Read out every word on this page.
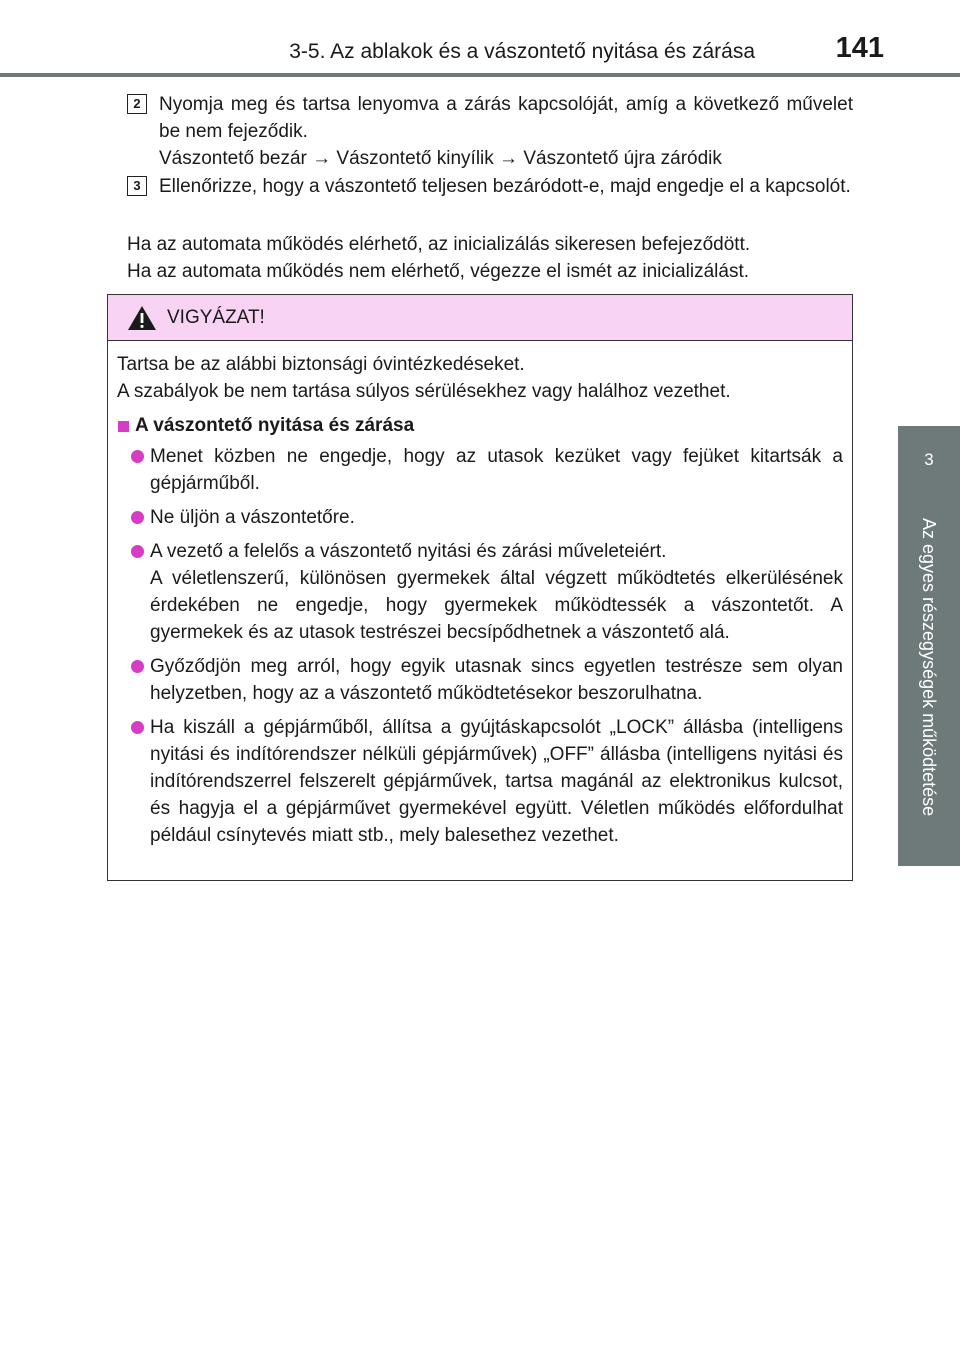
3-5. Az ablakok és a vászontető nyitása és zárása	141
3
Az egyes részegységek működtetése
2 Nyomja meg és tartsa lenyomva a zárás kapcsolóját, amíg a következő művelet be nem fejeződik.
Vászontető bezár → Vászontető kinyílik → Vászontető újra záródik
3 Ellenőrizze, hogy a vászontető teljesen bezáródott-e, majd engedje el a kapcsolót.
Ha az automata működés elérhető, az inicializálás sikeresen befejeződött.
Ha az automata működés nem elérhető, végezze el ismét az inicializálást.
VIGYÁZAT!
Tartsa be az alábbi biztonsági óvintézkedéseket.
A szabályok be nem tartása súlyos sérülésekhez vagy halálhoz vezethet.
A vászontető nyitása és zárása
Menet közben ne engedje, hogy az utasok kezüket vagy fejüket kitartsák a gépjárműből.
Ne üljön a vászontetőre.
A vezető a felelős a vászontető nyitási és zárási műveleteiért.
A véletlenszerű, különösen gyermekek által végzett működtetés elkerülésének érdekében ne engedje, hogy gyermekek működtessék a vászontetőt. A gyermekek és az utasok testrészei becsípődhetnek a vászontető alá.
Győződjön meg arról, hogy egyik utasnak sincs egyetlen testrésze sem olyan helyzetben, hogy az a vászontető működtetésekor beszorulhatna.
Ha kiszáll a gépjárműből, állítsa a gyújtáskapcsolót „LOCK” állásba (intelligens nyitási és indítórendszer nélküli gépjárművek) „OFF” állásba (intelligens nyitási és indítórendszerrel felszerelt gépjárművek, tartsa magánál az elektronikus kulcsot, és hagyja el a gépjárművet gyermekével együtt. Véletlen működés előfordulhat például csínytevés miatt stb., mely balesethez vezethet.
